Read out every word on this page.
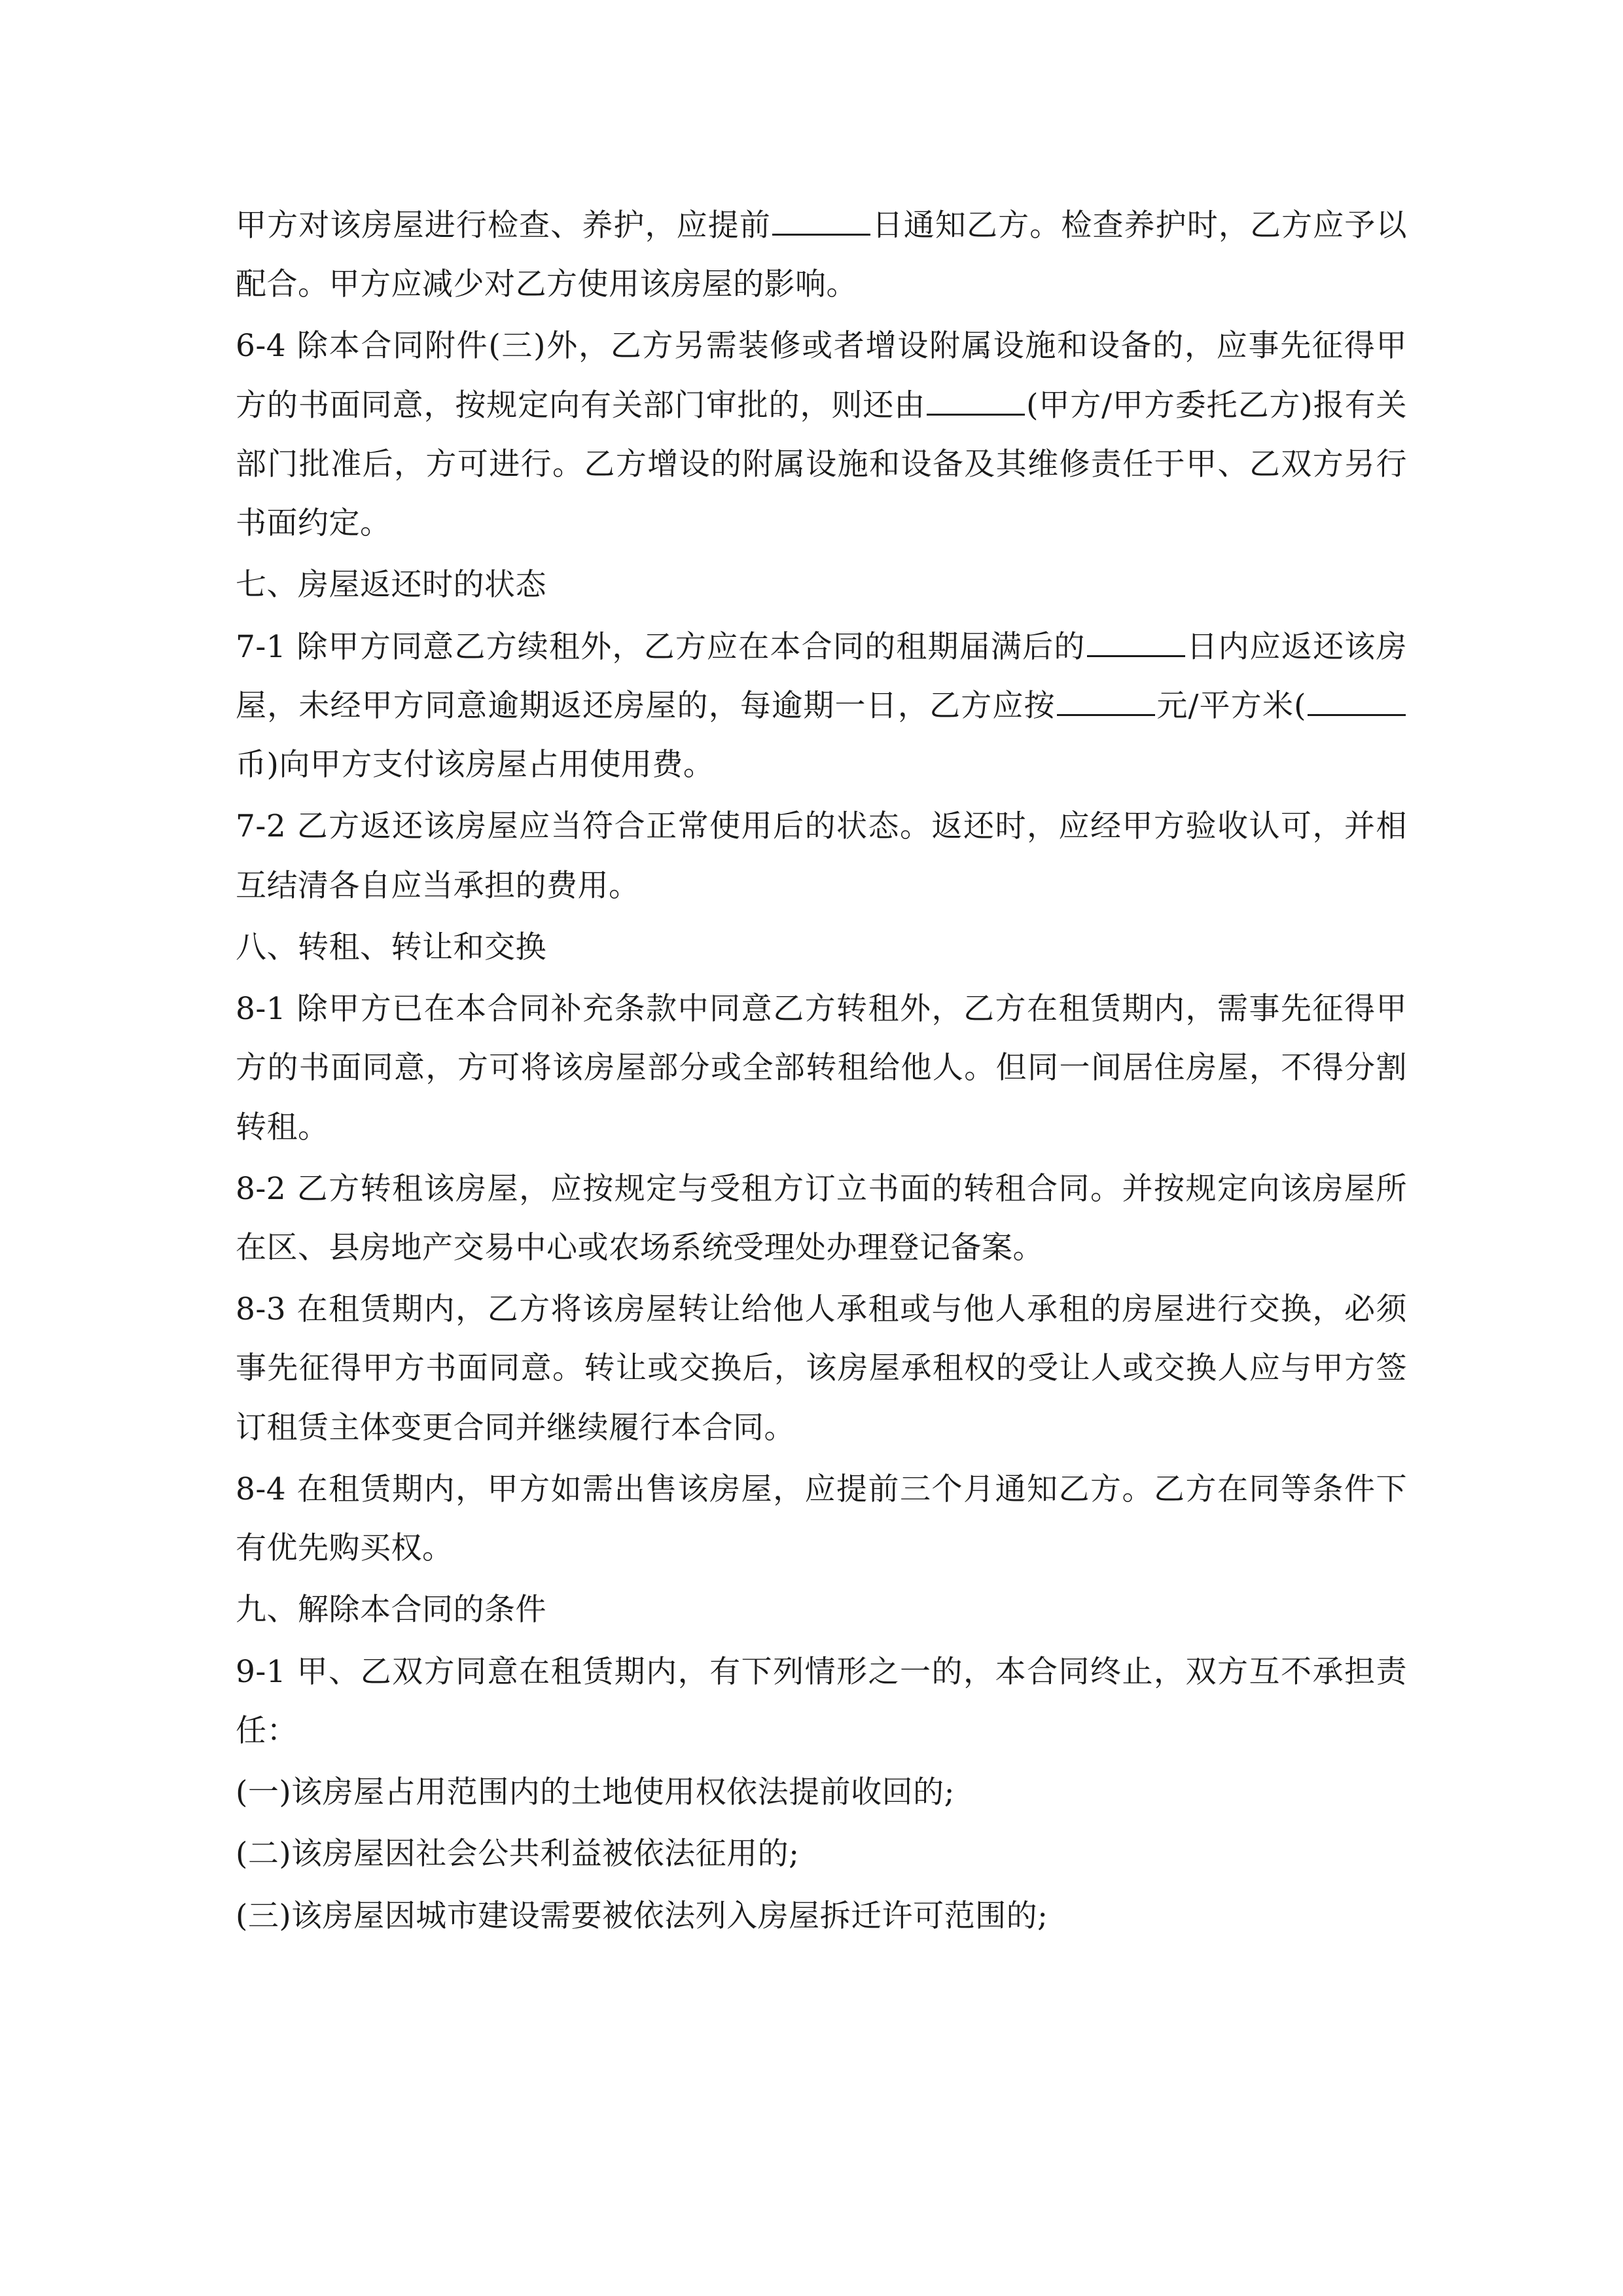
甲方对该房屋进行检查、养护，应提前	日通知乙方。检查养护时，乙方应予以配合。甲方应减少对乙方使用该房屋的影响。

6-4 除本合同附件(三)外，乙方另需装修或者增设附属设施和设备的，应事先征得甲方的书面同意，按规定向有关部门审批的，则还由	(甲方/甲方委托乙方)报有关部门批准后，方可进行。乙方增设的附属设施和设备及其维修责任于甲、乙双方另行书面约定。

七、房屋返还时的状态

7-1 除甲方同意乙方续租外，乙方应在本合同的租期届满后的	日内应返还该房屋，未经甲方同意逾期返还房屋的，每逾期一日，乙方应按	元/平方米(币)向甲方支付该房屋占用使用费。

7-2 乙方返还该房屋应当符合正常使用后的状态。返还时，应经甲方验收认可，并相互结清各自应当承担的费用。

八、转租、转让和交换

8-1 除甲方已在本合同补充条款中同意乙方转租外，乙方在租赁期内，需事先征得甲方的书面同意，方可将该房屋部分或全部转租给他人。但同一间居住房屋，不得分割转租。

8-2 乙方转租该房屋，应按规定与受租方订立书面的转租合同。并按规定向该房屋所在区、县房地产交易中心或农场系统受理处办理登记备案。

8-3 在租赁期内，乙方将该房屋转让给他人承租或与他人承租的房屋进行交换，必须事先征得甲方书面同意。转让或交换后，该房屋承租权的受让人或交换人应与甲方签订租赁主体变更合同并继续履行本合同。

8-4 在租赁期内，甲方如需出售该房屋，应提前三个月通知乙方。乙方在同等条件下有优先购买权。

九、解除本合同的条件

9-1 甲、乙双方同意在租赁期内，有下列情形之一的，本合同终止，双方互不承担责任：

(一)该房屋占用范围内的土地使用权依法提前收回的;

(二)该房屋因社会公共利益被依法征用的;

(三)该房屋因城市建设需要被依法列入房屋拆迁许可范围的;
